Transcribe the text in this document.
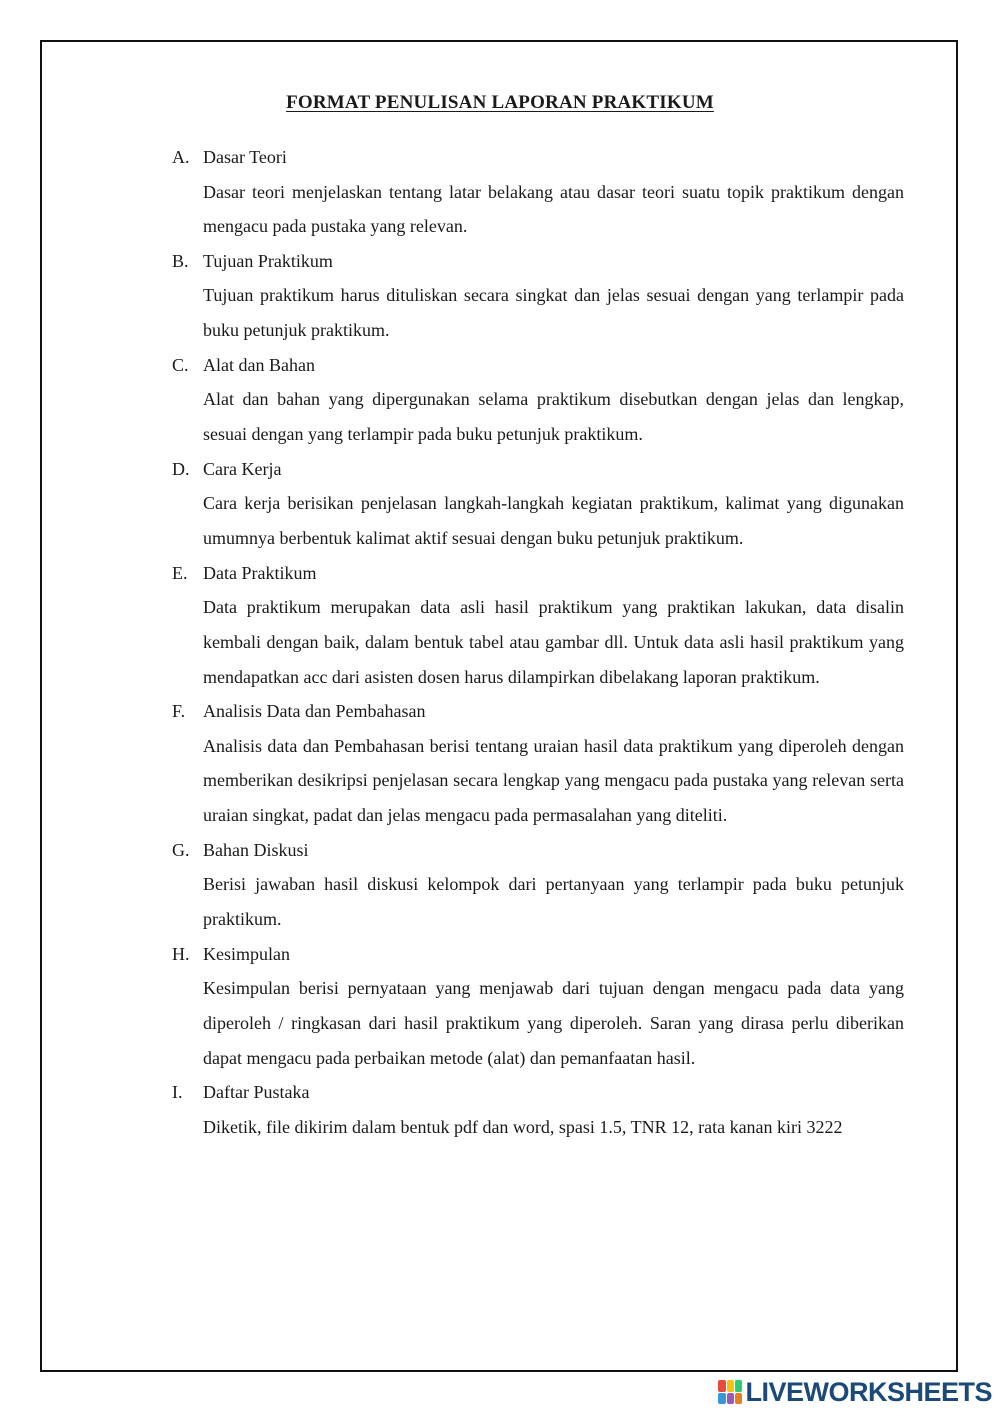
FORMAT PENULISAN LAPORAN PRAKTIKUM
A. Dasar Teori
Dasar teori menjelaskan tentang latar belakang atau dasar teori suatu topik praktikum dengan mengacu pada pustaka yang relevan.
B. Tujuan Praktikum
Tujuan praktikum harus dituliskan secara singkat dan jelas sesuai dengan yang terlampir pada buku petunjuk praktikum.
C. Alat dan Bahan
Alat dan bahan yang dipergunakan selama praktikum disebutkan dengan jelas dan lengkap, sesuai dengan yang terlampir pada buku petunjuk praktikum.
D. Cara Kerja
Cara kerja berisikan penjelasan langkah-langkah kegiatan praktikum, kalimat yang digunakan umumnya berbentuk kalimat aktif sesuai dengan buku petunjuk praktikum.
E. Data Praktikum
Data praktikum merupakan data asli hasil praktikum yang praktikan lakukan, data disalin kembali dengan baik, dalam bentuk tabel atau gambar dll. Untuk data asli hasil praktikum yang mendapatkan acc dari asisten dosen harus dilampirkan dibelakang laporan praktikum.
F. Analisis Data dan Pembahasan
Analisis data dan Pembahasan berisi tentang uraian hasil data praktikum yang diperoleh dengan memberikan desikripsi penjelasan secara lengkap yang mengacu pada pustaka yang relevan serta uraian singkat, padat dan jelas mengacu pada permasalahan yang diteliti.
G. Bahan Diskusi
Berisi jawaban hasil diskusi kelompok dari pertanyaan yang terlampir pada buku petunjuk praktikum.
H. Kesimpulan
Kesimpulan berisi pernyataan yang menjawab dari tujuan dengan mengacu pada data yang diperoleh / ringkasan dari hasil praktikum yang diperoleh. Saran yang dirasa perlu diberikan dapat mengacu pada perbaikan metode (alat) dan pemanfaatan hasil.
I. Daftar Pustaka
Diketik, file dikirim dalam bentuk pdf dan word, spasi 1.5, TNR 12, rata kanan kiri 3222
LIVEWORKSHEETS
